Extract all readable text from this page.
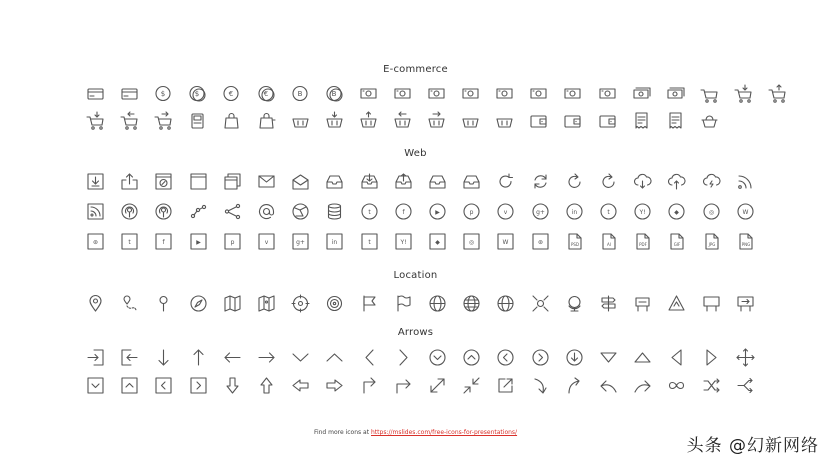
E-commerce
Web
Location
Arrows
$	$	€	€	B	B
t	f	▶	p	v	g+	in	t	Y!	◆	◎	W
⊛	t	f	▶	p	v	g+	in	t	Y!	◆	◎	W	⊛	PSD	AI	PDF	GIF	JPG	PNG
Find more icons at https://mslides.com/free-icons-for-presentations/
头条 @幻新网络
